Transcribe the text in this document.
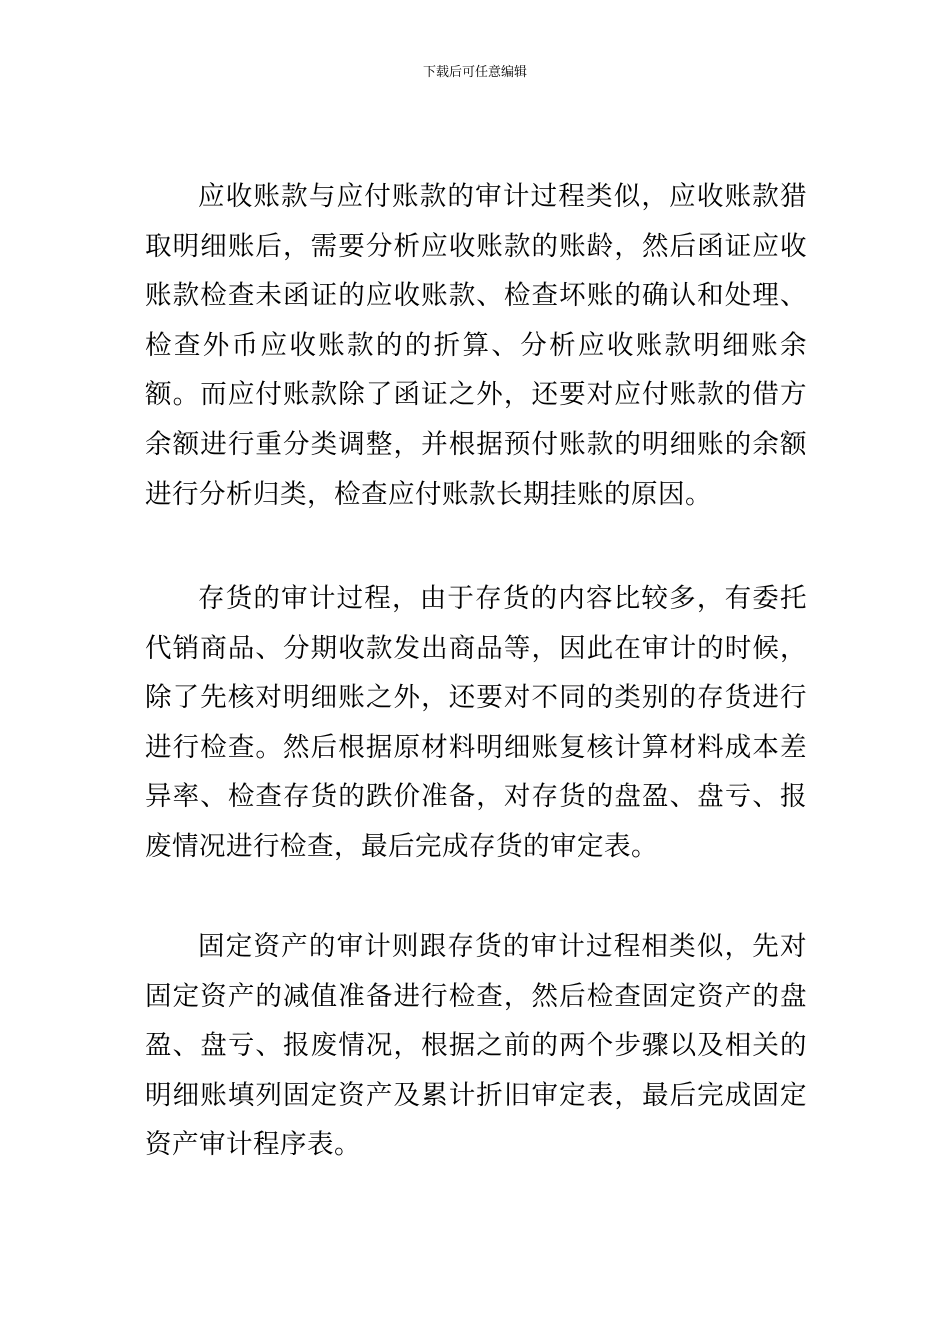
下载后可任意编辑

应收账款与应付账款的审计过程类似，应收账款猎取明细账后，需要分析应收账款的账龄，然后函证应收账款检查未函证的应收账款、检查坏账的确认和处理、检查外币应收账款的的折算、分析应收账款明细账余额。而应付账款除了函证之外，还要对应付账款的借方余额进行重分类调整，并根据预付账款的明细账的余额进行分析归类，检查应付账款长期挂账的原因。

存货的审计过程，由于存货的内容比较多，有委托代销商品、分期收款发出商品等，因此在审计的时候，除了先核对明细账之外，还要对不同的类别的存货进行进行检查。然后根据原材料明细账复核计算材料成本差异率、检查存货的跌价准备，对存货的盘盈、盘亏、报废情况进行检查，最后完成存货的审定表。

固定资产的审计则跟存货的审计过程相类似，先对固定资产的减值准备进行检查，然后检查固定资产的盘盈、盘亏、报废情况，根据之前的两个步骤以及相关的明细账填列固定资产及累计折旧审定表，最后完成固定资产审计程序表。
